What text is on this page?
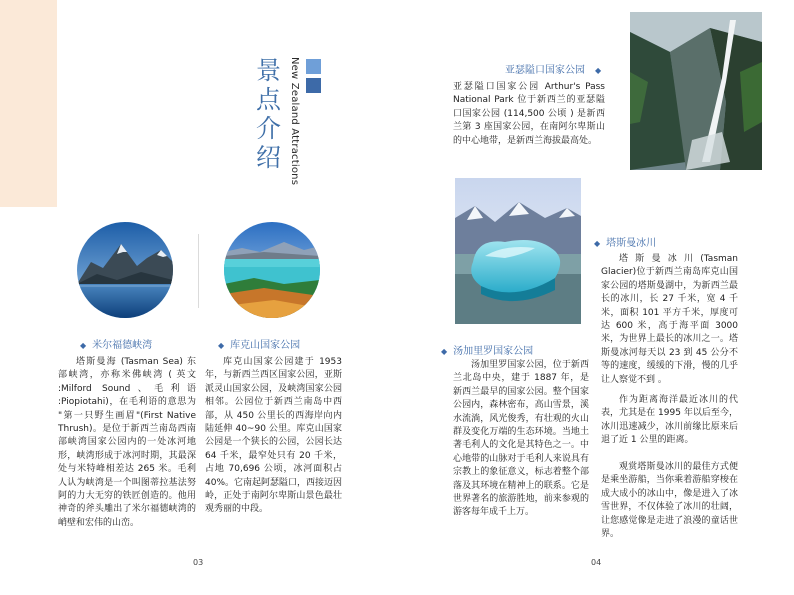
景点介绍 New Zealand Attractions
◆ 米尔福德峡湾	◆ 库克山国家公园
亚瑟隘口国家公园 ◆
◆ 汤加里罗国家公园
◆ 塔斯曼冰川
塔斯曼海 (Tasman Sea) 东部峡湾，亦称米佛峡湾 ( 英文 :Milford Sound、毛利语 :Piopiotahi)，在毛利语的意思为 "第一只野生画眉"(First Native Thrush)。是位于新西兰南岛西南部峡湾国家公园内的一处冰河地形，峡湾形成于冰河时期，其最深处与米特峰相差达 265 米。毛利人认为峡湾是一个叫图蒂拉基法努阿的力大无穷的铁匠创造的。他用神奇的斧头雕出了米尔福德峡湾的峭壁和宏伟的山峦。
库克山国家公园建于 1953 年，与新西兰西区国家公园，亚斯派灵山国家公园，及峡湾国家公园相邻。公园位于新西兰南岛中西部，从 450 公里长的西海岸向内陆延伸 40~90 公里。库克山国家公园是一个狭长的公园，公园长达 64 千米，最窄处只有 20 千米，占地 70,696 公顷，冰河面积占 40%。它南起阿瑟隘口，西接迈因岭，正处于南阿尔卑斯山景色最壮观秀丽的中段。
亚瑟隘口国家公园 Arthur's Pass National Park 位于新西兰的亚瑟隘口国家公园 (114,500 公顷 ) 是新西兰第 3 座国家公园，在南阿尔卑斯山的中心地带，是新西兰海拔最高处。
汤加里罗国家公园，位于新西兰北岛中央，建于 1887 年，是新西兰最早的国家公园。整个国家公园内，森林密布，高山雪景，溪水流淌，风光俊秀，有壮观的火山群及变化万端的生态环境。当地土著毛利人的文化是其特色之一。中心地带的山脉对于毛利人来说具有宗教上的象征意义，标志着整个部落及其环境在精神上的联系。它是世界著名的旅游胜地，前来参观的游客每年成千上万。
塔斯曼冰川(Tasman Glacier)位于新西兰南岛库克山国家公园的塔斯曼湖中，为新西兰最长的冰川，长 27 千米，宽 4 千米，面积 101 平方千米，厚度可达 600 米，高于海平面 3000 米，为世界上最长的冰川之一。塔斯曼冰河每天以 23 到 45 公分不等的速度，缓缓的下滑，慢的几乎让人察觉不到 。
作为距离海洋最近冰川的代表，尤其是在 1995 年以后至今，冰川迅速减少，冰川前缘比原来后退了近 1 公里的距离。
观赏塔斯曼冰川的最佳方式便是乘坐游船，当你乘着游船穿梭在成大成小的冰山中，像是进入了冰雪世界，不仅体验了冰川的壮阔，让您感觉像是走进了浪漫的童话世界。
03	04
